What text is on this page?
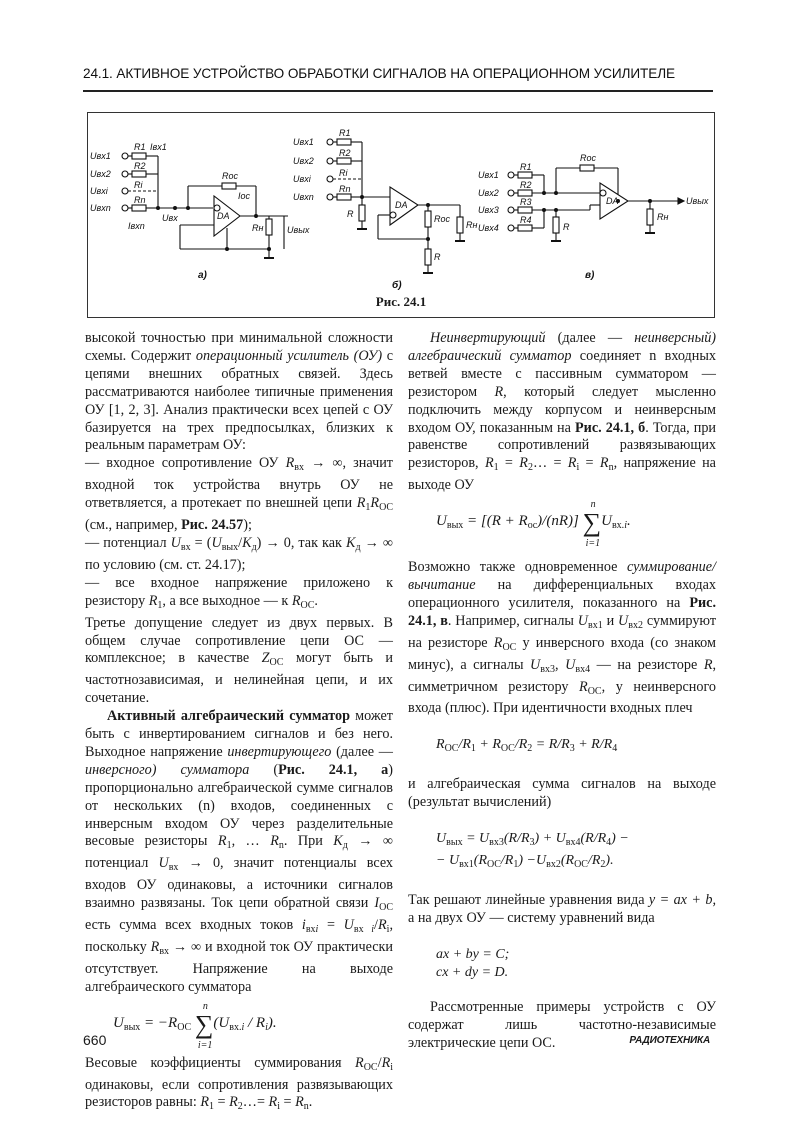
24.1. АКТИВНОЕ УСТРОЙСТВО ОБРАБОТКИ СИГНАЛОВ НА ОПЕРАЦИОННОМ УСИЛИТЕЛЕ
Uвх1
Uвх2
Uвхi
Uвхn
R1
R2
Ri
Rn
Rос
Rн
Iвх1
Iвхn
Iос
DA
Uвх
Uвых
а)
Uвх1
Uвх2
Uвхi
Uвхn
R1
R2
Ri
Rn
R	Rос
R
Rн
DA
б)
Uвх1
Uвх2
Uвх3
Uвх4
R1
R2
R3
R4
Rос
R
Rн
DA	Uвых
в)
Рис. 24.1

высокой точностью при минимальной сложности схемы. Содержит операционный усилитель (ОУ) с цепями внешних обратных связей. Здесь рассматриваются наиболее типичные применения ОУ [1, 2, 3]. Анализ практически всех цепей с ОУ базируется на трех предпосылках, близких к реальным параметрам ОУ:

— входное сопротивление ОУ $R_{вх}$ → ∞, значит входной ток устройства внутрь ОУ не ответвляется, а протекает по внешней цепи $R_1R_{OC}$ (см., например, Рис. 24.57);

— потенциал $U_{вх} = (U_{вых}/K_д) \to 0$, так как $K_д$ → ∞ по условию (см. ст. 24.17);

— все входное напряжение приложено к резистору $R_1$, а все выходное — к $R_{OC}$.

Третье допущение следует из двух первых. В общем случае сопротивление цепи ОС — комплексное; в качестве $Z_{OC}$ могут быть и частотнозависимая, и нелинейная цепи, и их сочетание.

Активный алгебраический сумматор может быть с инвертированием сигналов и без него. Выходное напряжение инвертирующего (далее — инверсного) сумматора (Рис. 24.1, а) пропорционально алгебраической сумме сигналов от нескольких (n) входов, соединенных с инверсным входом ОУ через разделительные весовые резисторы $R_1$, … $R_n$. При $K_д$ → ∞ потенциал $U_{вх} \to 0$, значит потенциалы всех входов ОУ одинаковы, а источники сигналов взаимно развязаны. Ток цепи обратной связи $I_{OC}$ есть сумма всех входных токов $i_{вхi} = U_{вх i}/R_i$, поскольку $R_{вх}$ → ∞ и входной ток ОУ практически отсутствует. Напряжение на выходе алгебраического сумматора

$U_{вых} = -R_{OC}$ ∑
n
i=1
$(U_{вх.i} / R_i)$.

Весовые коэффициенты суммирования $R_{OC}/R_i$ одинаковы, если сопротивления развязывающих резисторов равны: $R_1$ = $R_2\dots= R_i = R_n$.

Неинвертирующий (далее — неинверсный) алгебраический сумматор соединяет n входных ветвей вместе с пассивным сумматором — резистором R, который следует мысленно подключить между корпусом и неинверсным входом ОУ, показанным на Рис. 24.1, б. Тогда, при равенстве сопротивлений развязывающих резисторов, $R_1$ = $R_2\dots = R_i = R_n$, напряжение на выходе ОУ

$U_{вых} = [(R + R_{oc})/(nR)]$ ∑
n
i=1
$U_{вх.i}$.

Возможно также одновременное суммирование/вычитание на дифференциальных входах операционного усилителя, показанного на Рис. 24.1, в. Например, сигналы $U_{вх1}$ и $U_{вх2}$ суммируют на резисторе $R_{OC}$ у инверсного входа (со знаком минус), а сигналы $U_{вх3}$, $U_{вх4}$ — на резисторе R, симметричном резистору $R_{OC}$, у неинверсного входа (плюс). При идентичности входных плеч

$R_{OC}/R_1 + R_{OC}/R_2 = R/R_3 + R/R_4$

и алгебраическая сумма сигналов на выходе (результат вычислений)

$U_{вых} = U_{вх3}(R/R_3) + U_{вх4}(R/R_4)$ −
− $U_{вх1}(R_{OC}/R_1) -U_{вх2}(R_{OC}/R_2)$.

Так решают линейные уравнения вида y = ax + b, а на двух ОУ — систему уравнений вида

ax + by = C;
cx + dy = D.

Рассмотренные примеры устройств с ОУ содержат лишь частотно-независимые электрические цепи ОС.

660	РАДИОТЕХНИКА
